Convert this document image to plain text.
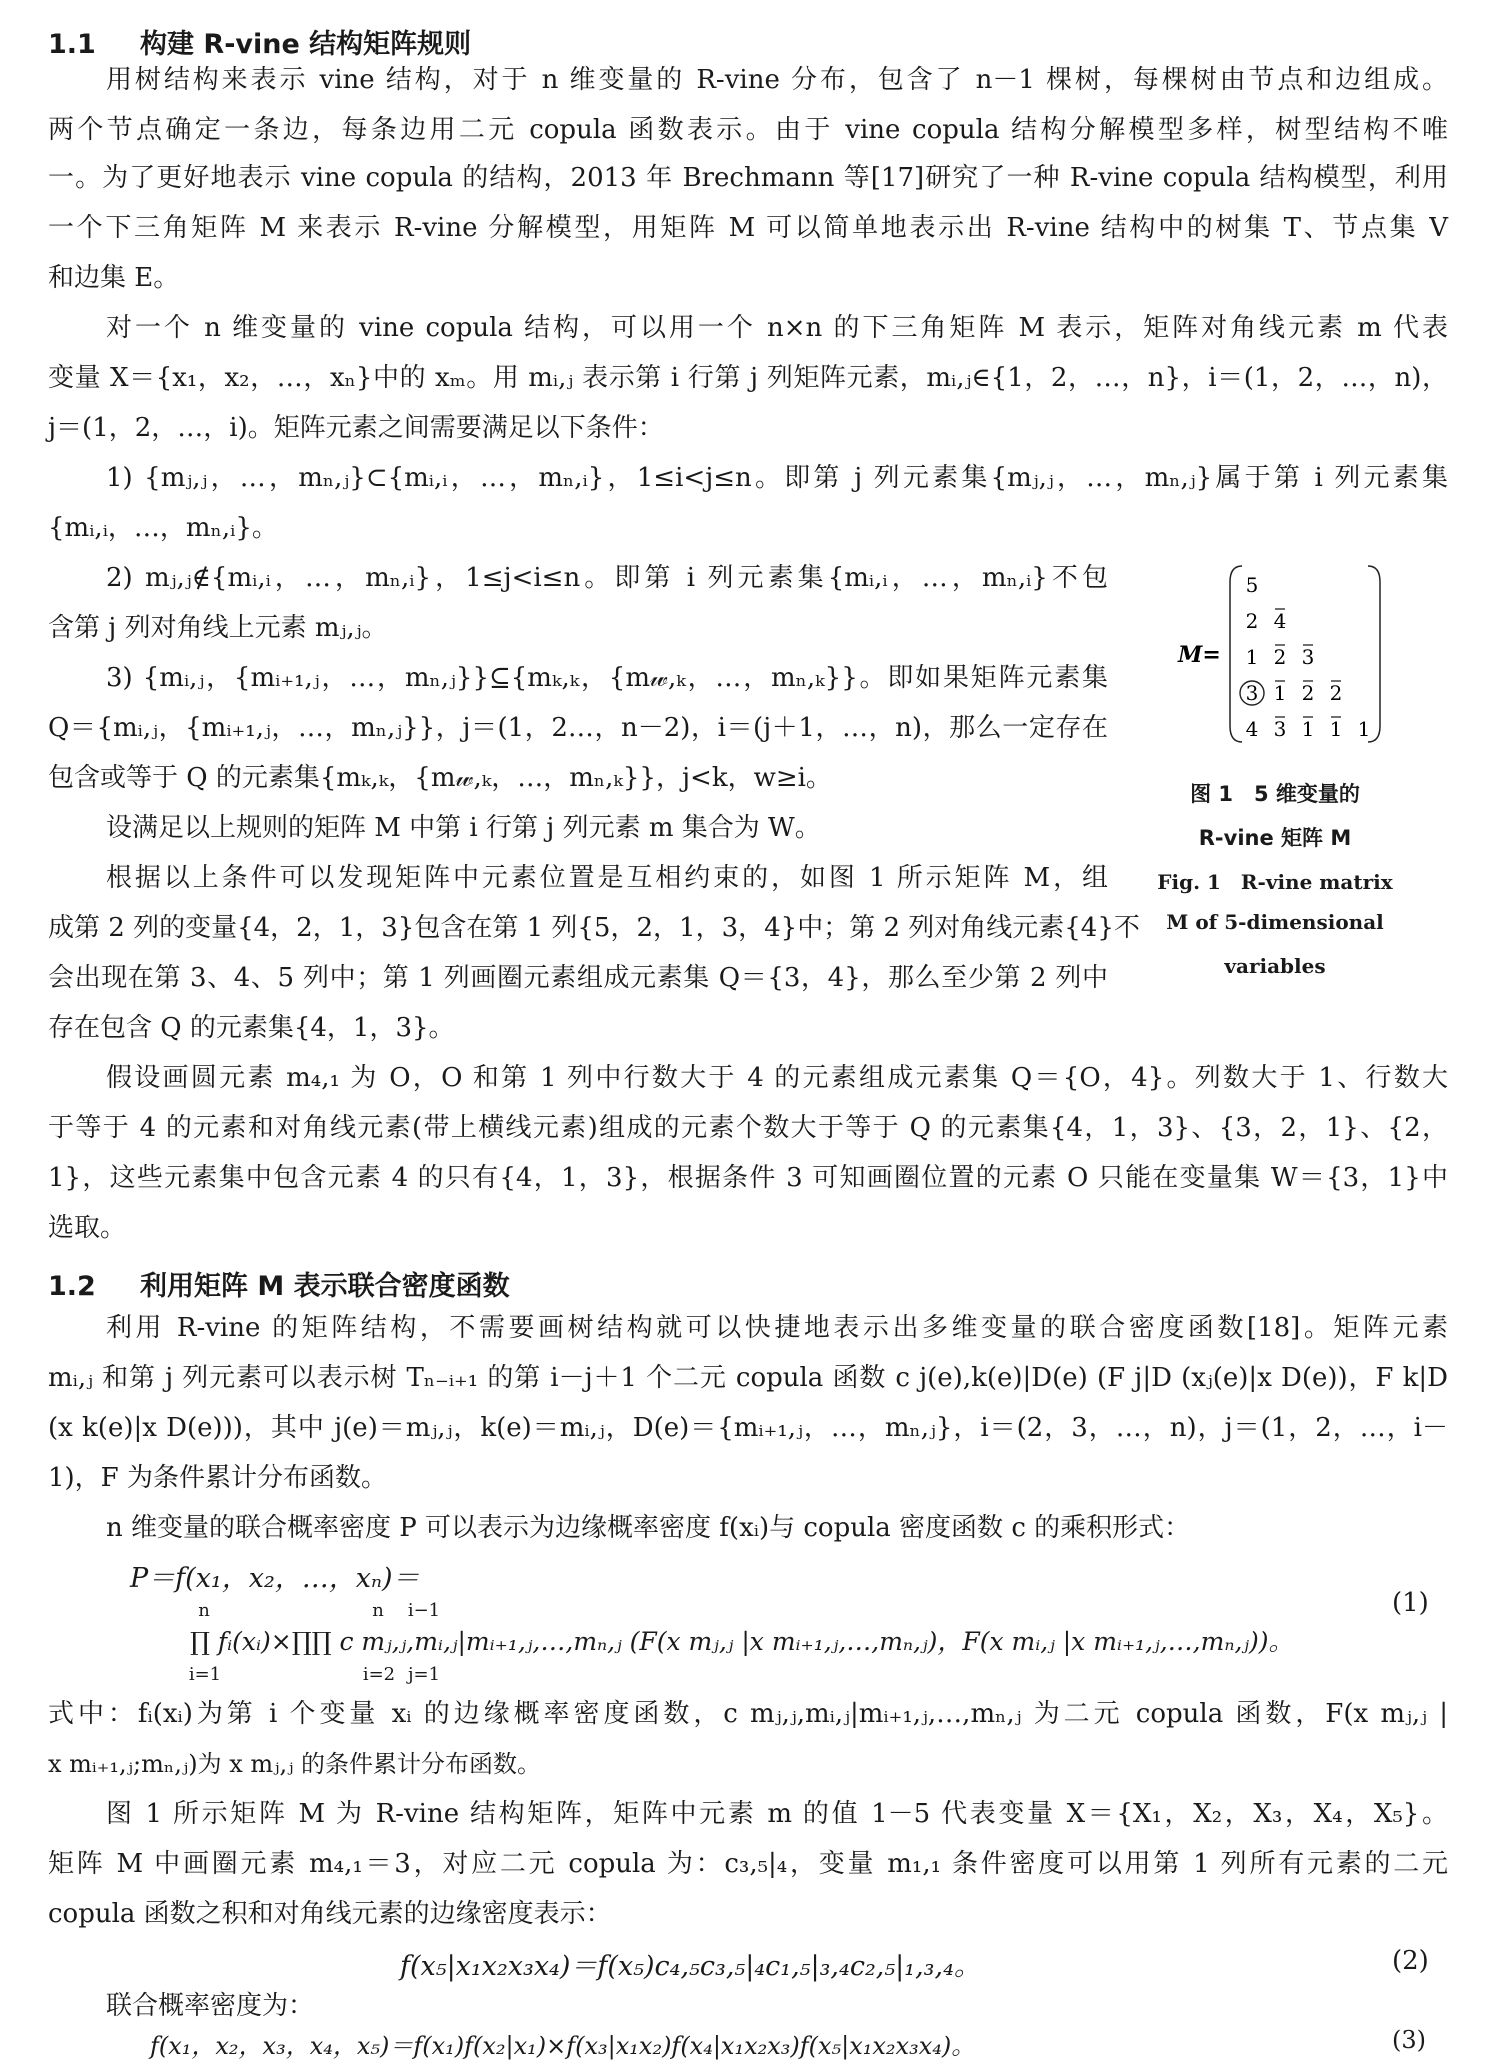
1.1 构建 R-vine 结构矩阵规则
用树结构来表示 vine 结构，对于 n 维变量的 R-vine 分布，包含了 n－1 棵树，每棵树由节点和边组成。
两个节点确定一条边，每条边用二元 copula 函数表示。由于 vine copula 结构分解模型多样，树型结构不唯
一。为了更好地表示 vine copula 的结构，2013 年 Brechmann 等[17]研究了一种 R-vine copula 结构模型，利用
一个下三角矩阵 M 来表示 R-vine 分解模型，用矩阵 M 可以简单地表示出 R-vine 结构中的树集 T、节点集 V
和边集 E。
对一个 n 维变量的 vine copula 结构，可以用一个 n×n 的下三角矩阵 M 表示，矩阵对角线元素 m 代表
变量 X＝{x₁，x₂，…，xₙ}中的 xₘ。用 mᵢ,ⱼ 表示第 i 行第 j 列矩阵元素，mᵢ,ⱼ∈{1，2，…，n}，i＝(1，2，…，n)，
j＝(1，2，…，i)。矩阵元素之间需要满足以下条件：
1) {mⱼ,ⱼ，…，mₙ,ⱼ}⊂{mᵢ,ᵢ，…，mₙ,ᵢ}，1≤i<j≤n。即第 j 列元素集{mⱼ,ⱼ，…，mₙ,ⱼ}属于第 i 列元素集
{mᵢ,ᵢ，…，mₙ,ᵢ}。
2) mⱼ,ⱼ∉{mᵢ,ᵢ，…，mₙ,ᵢ}，1≤j<i≤n。即第 i 列元素集{mᵢ,ᵢ，…，mₙ,ᵢ}不包
含第 j 列对角线上元素 mⱼ,ⱼ。
3) {mᵢ,ⱼ，{mᵢ₊₁,ⱼ，…，mₙ,ⱼ}}⊆{mₖ,ₖ，{m𝓌,ₖ，…，mₙ,ₖ}}。即如果矩阵元素集
Q＝{mᵢ,ⱼ，{mᵢ₊₁,ⱼ，…，mₙ,ⱼ}}，j＝(1，2…，n－2)，i＝(j＋1，…，n)，那么一定存在
包含或等于 Q 的元素集{mₖ,ₖ，{m𝓌,ₖ，…，mₙ,ₖ}}，j<k，w≥i。
设满足以上规则的矩阵 M 中第 i 行第 j 列元素 m 集合为 W。
根据以上条件可以发现矩阵中元素位置是互相约束的，如图 1 所示矩阵 M，组
成第 2 列的变量{4，2，1，3}包含在第 1 列{5，2，1，3，4}中；第 2 列对角线元素{4}不
会出现在第 3、4、5 列中；第 1 列画圈元素组成元素集 Q＝{3，4}，那么至少第 2 列中
存在包含 Q 的元素集{4，1，3}。
M=
5
2 4
1 2 3
3 1 2 2
4 3 1 1 1
图 1　5 维变量的
R-vine 矩阵 M
Fig. 1　R-vine matrix
M of 5-dimensional
variables
假设画圆元素 m₄,₁ 为 O，O 和第 1 列中行数大于 4 的元素组成元素集 Q＝{O，4}。列数大于 1、行数大
于等于 4 的元素和对角线元素(带上横线元素)组成的元素个数大于等于 Q 的元素集{4，1，3}、{3，2，1}、{2，
1}，这些元素集中包含元素 4 的只有{4，1，3}，根据条件 3 可知画圈位置的元素 O 只能在变量集 W＝{3，1}中
选取。
1.2 利用矩阵 M 表示联合密度函数
利用 R-vine 的矩阵结构，不需要画树结构就可以快捷地表示出多维变量的联合密度函数[18]。矩阵元素
mᵢ,ⱼ 和第 j 列元素可以表示树 Tₙ₋ᵢ₊₁ 的第 i－j＋1 个二元 copula 函数 c j(e),k(e)|D(e) (F j|D (xⱼ(e)|x D(e))，F k|D
(x k(e)|x D(e)))，其中 j(e)＝mⱼ,ⱼ，k(e)＝mᵢ,ⱼ，D(e)＝{mᵢ₊₁,ⱼ，…，mₙ,ⱼ}，i＝(2，3，…，n)，j＝(1，2，…，i－
1)，F 为条件累计分布函数。
n 维变量的联合概率密度 P 可以表示为边缘概率密度 f(xᵢ)与 copula 密度函数 c 的乘积形式：
P＝f(x₁，x₂，…，xₙ)＝
n
i=1
n
i=2
i−1
j=1
∏ fᵢ(xᵢ)×∏∏ c mⱼ,ⱼ,mᵢ,ⱼ|mᵢ₊₁,ⱼ,…,mₙ,ⱼ (F(x mⱼ,ⱼ |x mᵢ₊₁,ⱼ,…,mₙ,ⱼ)，F(x mᵢ,ⱼ |x mᵢ₊₁,ⱼ,…,mₙ,ⱼ))。
(1)
式中：fᵢ(xᵢ)为第 i 个变量 xᵢ 的边缘概率密度函数，c mⱼ,ⱼ,mᵢ,ⱼ|mᵢ₊₁,ⱼ,…,mₙ,ⱼ 为二元 copula 函数，F(x mⱼ,ⱼ |
x mᵢ₊₁,ⱼ;mₙ,ⱼ)为 x mⱼ,ⱼ 的条件累计分布函数。
图 1 所示矩阵 M 为 R-vine 结构矩阵，矩阵中元素 m 的值 1－5 代表变量 X＝{X₁，X₂，X₃，X₄，X₅}。
矩阵 M 中画圈元素 m₄,₁＝3，对应二元 copula 为：c₃,₅|₄，变量 m₁,₁ 条件密度可以用第 1 列所有元素的二元
copula 函数之积和对角线元素的边缘密度表示：
f(x₅|x₁x₂x₃x₄)＝f(x₅)c₄,₅c₃,₅|₄c₁,₅|₃,₄c₂,₅|₁,₃,₄。	(2)
联合概率密度为：
f(x₁，x₂，x₃，x₄，x₅)＝f(x₁)f(x₂|x₁)×f(x₃|x₁x₂)f(x₄|x₁x₂x₃)f(x₅|x₁x₂x₃x₄)。	(3)
